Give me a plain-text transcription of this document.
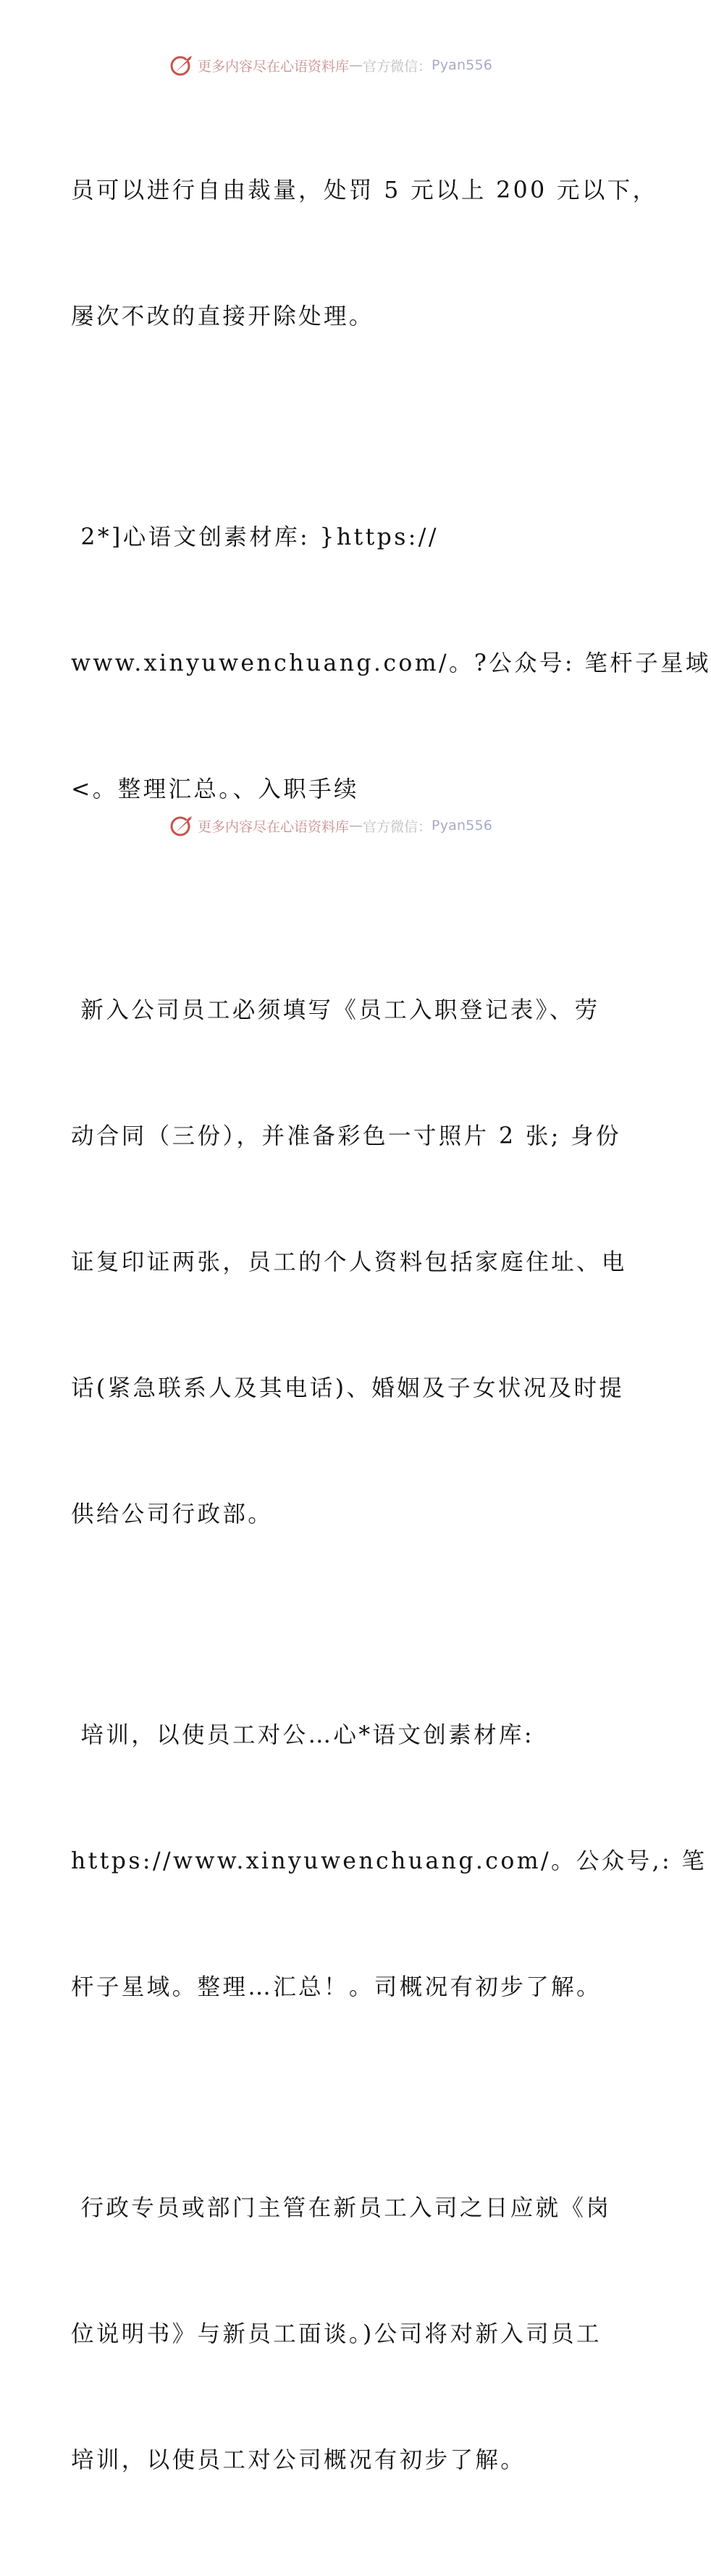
更多内容尽在心语资料库 — 官方微信： Pyan556

员可以进行自由裁量，处罚 5 元以上 200 元以下，

屡次不改的直接开除处理。

2*]心语文创素材库: }https://

www.xinyuwenchuang.com/。?公众号: 笔杆子星域

<。整理汇总。、入职手续

新入公司员工必须填写《员工入职登记表》、劳

动合同（三份），并准备彩色一寸照片 2 张; 身份

证复印证两张，员工的个人资料包括家庭住址、电

话(紧急联系人及其电话)、婚姻及子女状况及时提

供给公司行政部。

培训，以使员工对公…心*语文创素材库:

https://www.xinyuwenchuang.com/。公众号,: 笔

杆子星域。整理…汇总！。司概况有初步了解。

行政专员或部门主管在新员工入司之日应就《岗

位说明书》与新员工面谈。)公司将对新入司员工

培训，以使员工对公司概况有初步了解。

更多内容尽在心语资料库 — 官方微信： Pyan556
